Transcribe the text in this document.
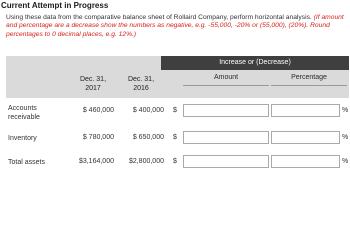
Current Attempt in Progress
Using these data from the comparative balance sheet of Rollaird Company, perform horizontal analysis. (If amount and percentage are a decrease show the numbers as negative, e.g. -55,000, -20% or (55,000), (20%). Round percentages to 0 decimal places, e.g. 12%.)
Increase or (Decrease)
Dec. 31,
2017
Dec. 31,
2016
Amount	Percentage
Accounts
receivable
$ 460,000	$ 400,000 $	%
Inventory	$ 780,000	$ 650,000 $	%
Total assets	$3,164,000	$2,800,000 $	%
